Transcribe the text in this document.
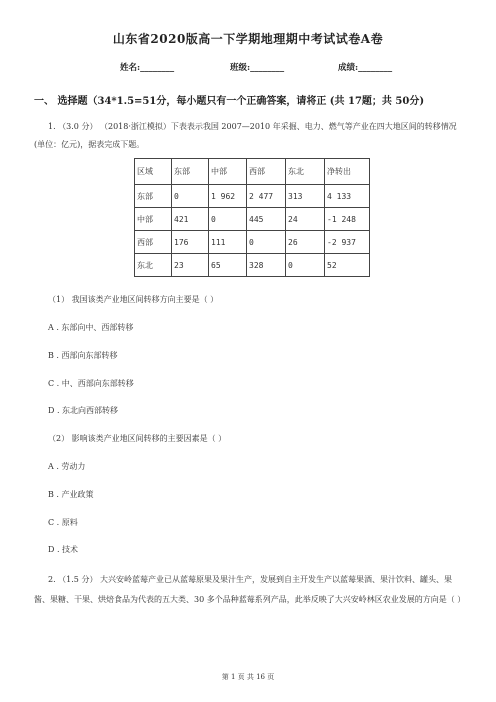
山东省2020版高一下学期地理期中考试试卷A卷
姓名:________	班级:________	成绩:________
一、 选择题（34*1.5=51分，每小题只有一个正确答案，请将正 (共 17题；共 50分)
1. （3.0 分） （2018·浙江模拟）下表表示我国 2007—2010 年采掘、电力、燃气等产业在四大地区间的转移情况(单位：亿元)，据表完成下题。
区域	东部	中部	西部	东北	净转出
东部	0	1 962	2 477	313	4 133
中部	421	0	445	24	-1 248
西部	176	111	0	26	-2 937
东北	23	65	328	0	52
（1） 我国该类产业地区间转移方向主要是（ ）
A . 东部向中、西部转移
B . 西部向东部转移
C . 中、西部向东部转移
D . 东北向西部转移
（2） 影响该类产业地区间转移的主要因素是（ ）
A . 劳动力
B . 产业政策
C . 原料
D . 技术
2. （1.5 分） 大兴安岭蓝莓产业已从蓝莓原果及果汁生产，发展到自主开发生产以蓝莓果酒、果汁饮料、罐头、果酱、果糖、干果、烘焙食品为代表的五大类、30 多个品种蓝莓系列产品，此举反映了大兴安岭林区农业发展的方向是（ ）
第 1 页 共 16 页
